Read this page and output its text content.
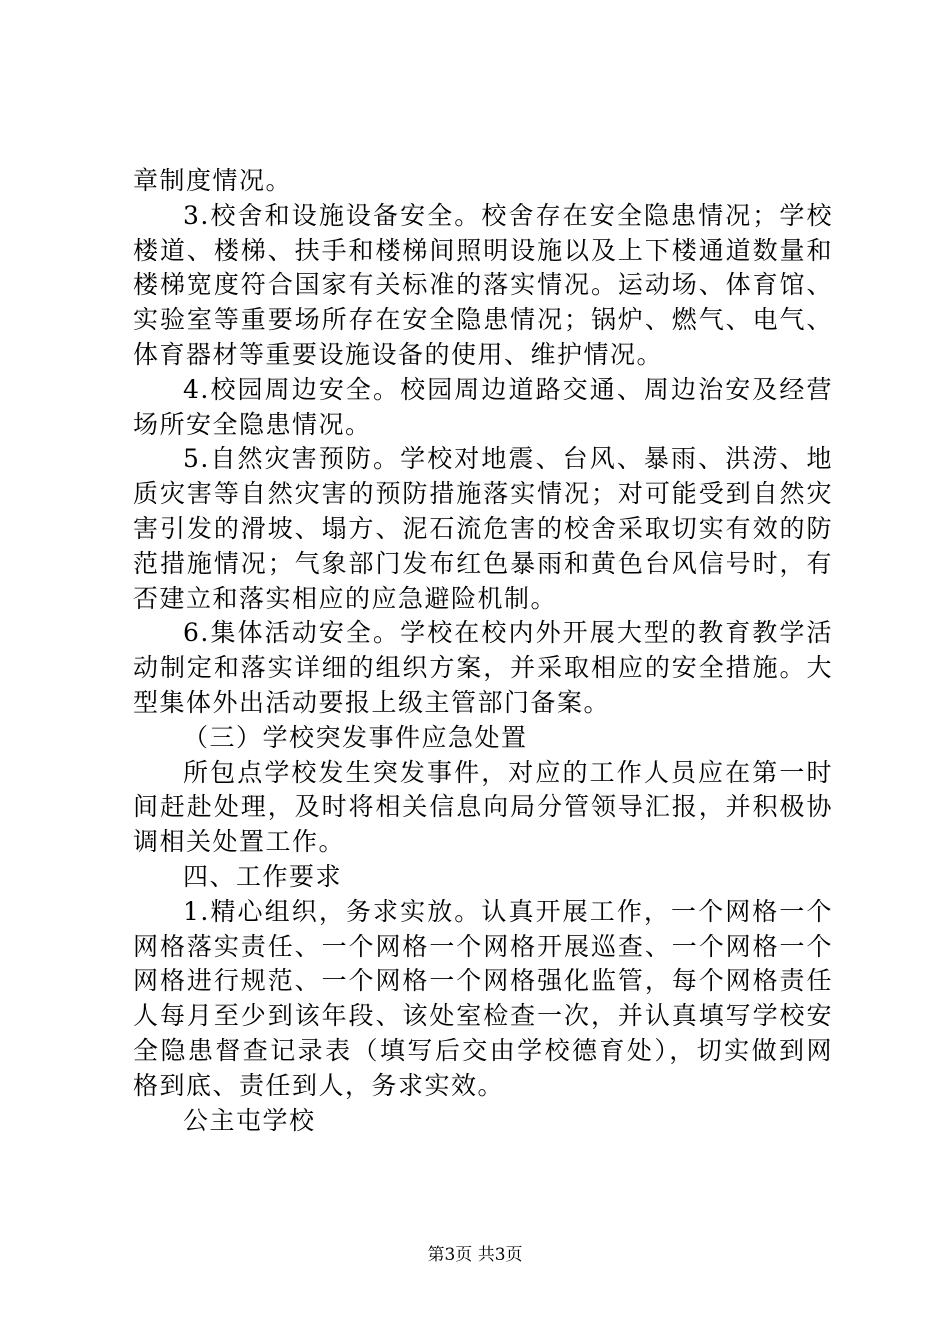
章制度情况。

3.校舍和设施设备安全。校舍存在安全隐患情况；学校楼道、楼梯、扶手和楼梯间照明设施以及上下楼通道数量和楼梯宽度符合国家有关标准的落实情况。运动场、体育馆、实验室等重要场所存在安全隐患情况；锅炉、燃气、电气、体育器材等重要设施设备的使用、维护情况。

4.校园周边安全。校园周边道路交通、周边治安及经营场所安全隐患情况。

5.自然灾害预防。学校对地震、台风、暴雨、洪涝、地质灾害等自然灾害的预防措施落实情况；对可能受到自然灾害引发的滑坡、塌方、泥石流危害的校舍采取切实有效的防范措施情况；气象部门发布红色暴雨和黄色台风信号时，有否建立和落实相应的应急避险机制。

6.集体活动安全。学校在校内外开展大型的教育教学活动制定和落实详细的组织方案，并采取相应的安全措施。大型集体外出活动要报上级主管部门备案。

（三）学校突发事件应急处置

所包点学校发生突发事件，对应的工作人员应在第一时间赶赴处理，及时将相关信息向局分管领导汇报，并积极协调相关处置工作。

四、工作要求

1.精心组织，务求实放。认真开展工作，一个网格一个网格落实责任、一个网格一个网格开展巡查、一个网格一个网格进行规范、一个网格一个网格强化监管，每个网格责任人每月至少到该年段、该处室检查一次，并认真填写学校安全隐患督查记录表（填写后交由学校德育处），切实做到网格到底、责任到人，务求实效。

公主屯学校

第3页 共3页
